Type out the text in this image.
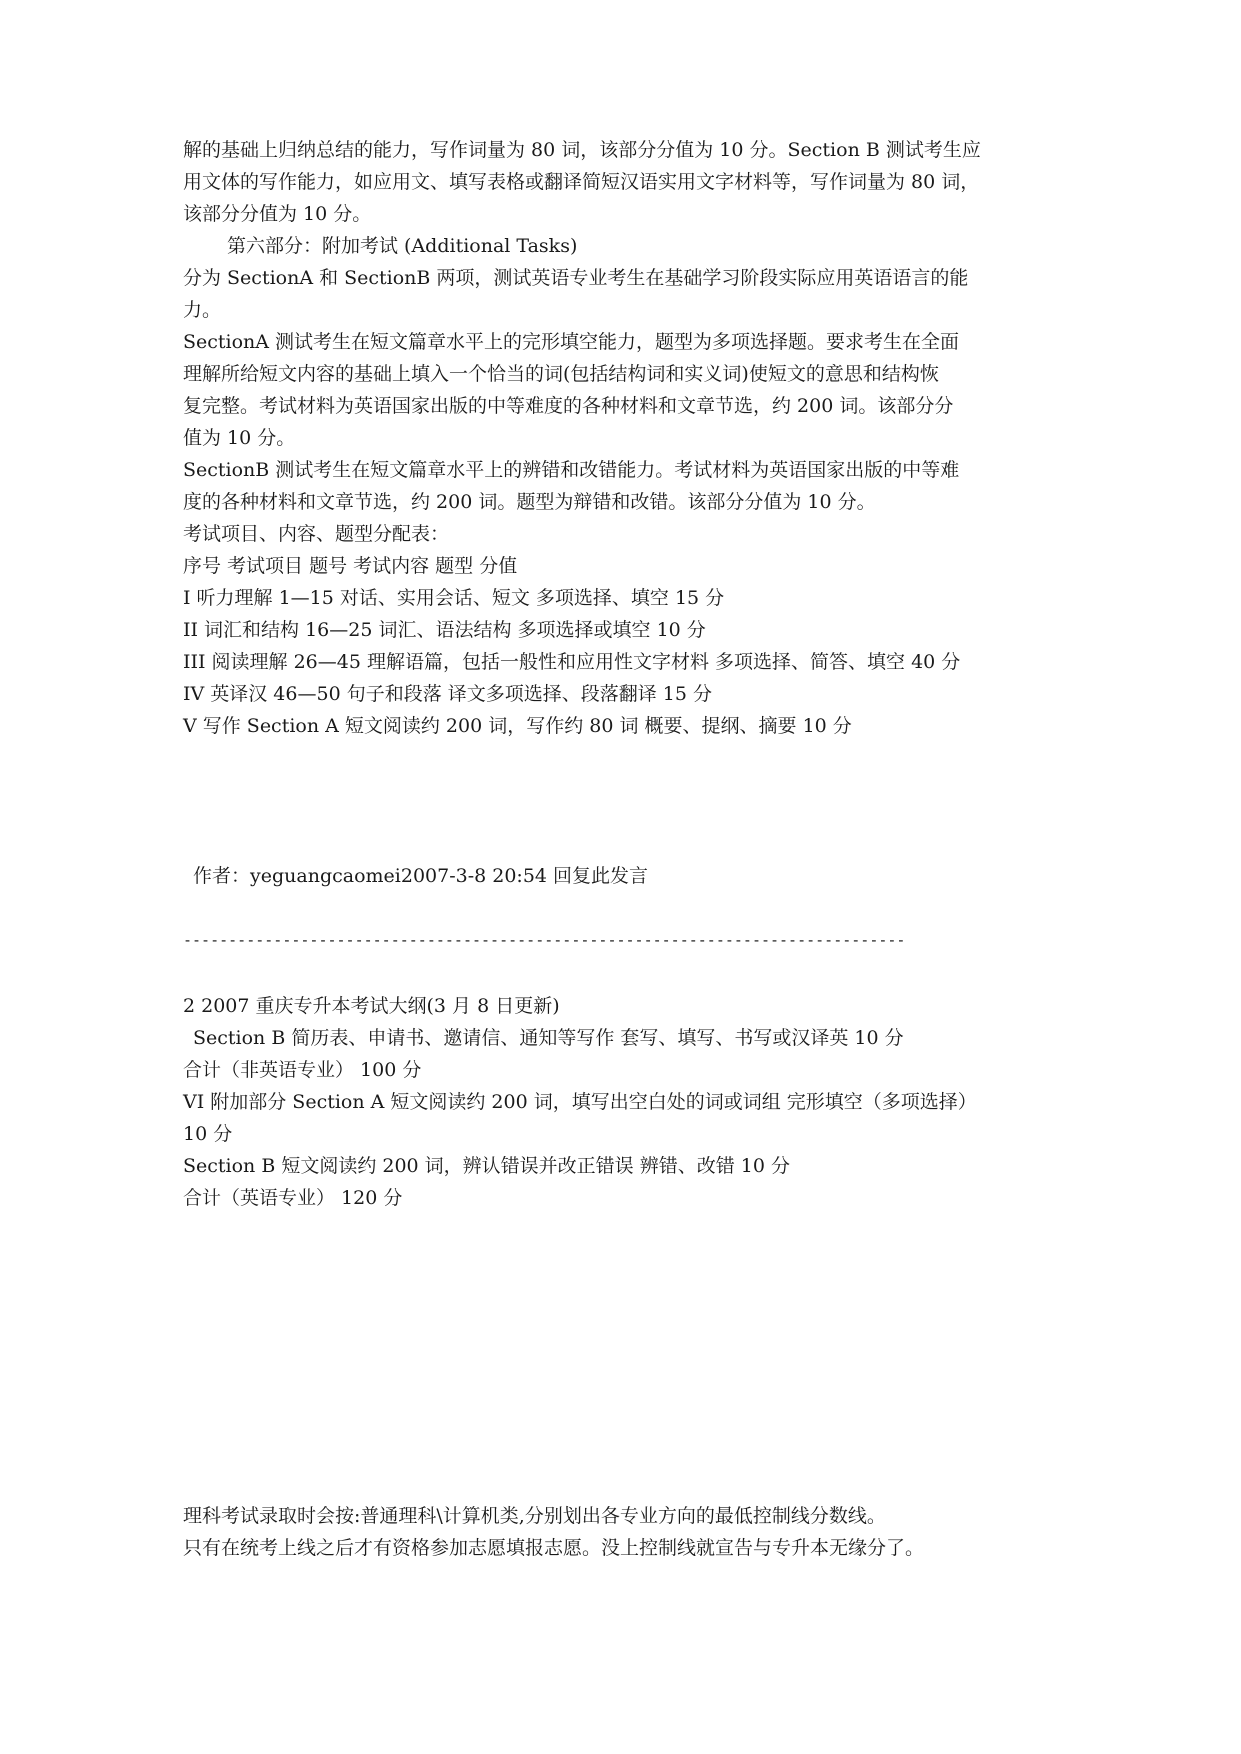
解的基础上归纳总结的能力，写作词量为 80 词，该部分分值为 10 分。Section B 测试考生应
用文体的写作能力，如应用文、填写表格或翻译简短汉语实用文字材料等，写作词量为 80 词，
该部分分值为 10 分。
第六部分：附加考试 (Additional Tasks)
分为 SectionA 和 SectionB 两项，测试英语专业考生在基础学习阶段实际应用英语语言的能
力。
SectionA 测试考生在短文篇章水平上的完形填空能力，题型为多项选择题。要求考生在全面
理解所给短文内容的基础上填入一个恰当的词(包括结构词和实义词)使短文的意思和结构恢
复完整。考试材料为英语国家出版的中等难度的各种材料和文章节选，约 200 词。该部分分
值为 10 分。
SectionB 测试考生在短文篇章水平上的辨错和改错能力。考试材料为英语国家出版的中等难
度的各种材料和文章节选，约 200 词。题型为辩错和改错。该部分分值为 10 分。
考试项目、内容、题型分配表：
序号 考试项目 题号 考试内容 题型 分值
I 听力理解 1—15 对话、实用会话、短文 多项选择、填空 15 分
II 词汇和结构 16—25 词汇、语法结构 多项选择或填空 10 分
III 阅读理解 26—45 理解语篇，包括一般性和应用性文字材料 多项选择、简答、填空 40 分
IV 英译汉 46—50 句子和段落 译文多项选择、段落翻译 15 分
V 写作 Section A 短文阅读约 200 词，写作约 80 词 概要、提纲、摘要 10 分
作者：yeguangcaomei2007-3-8 20:54 回复此发言
--------------------------------------------------------------------------------
2 2007 重庆专升本考试大纲(3 月 8 日更新)
Section B 简历表、申请书、邀请信、通知等写作 套写、填写、书写或汉译英 10 分
合计（非英语专业） 100 分
VI 附加部分 Section A 短文阅读约 200 词，填写出空白处的词或词组 完形填空（多项选择）
10 分
Section B 短文阅读约 200 词，辨认错误并改正错误 辨错、改错 10 分
合计（英语专业） 120 分
理科考试录取时会按:普通理科\计算机类,分别划出各专业方向的最低控制线分数线。
只有在统考上线之后才有资格参加志愿填报志愿。没上控制线就宣告与专升本无缘分了。
